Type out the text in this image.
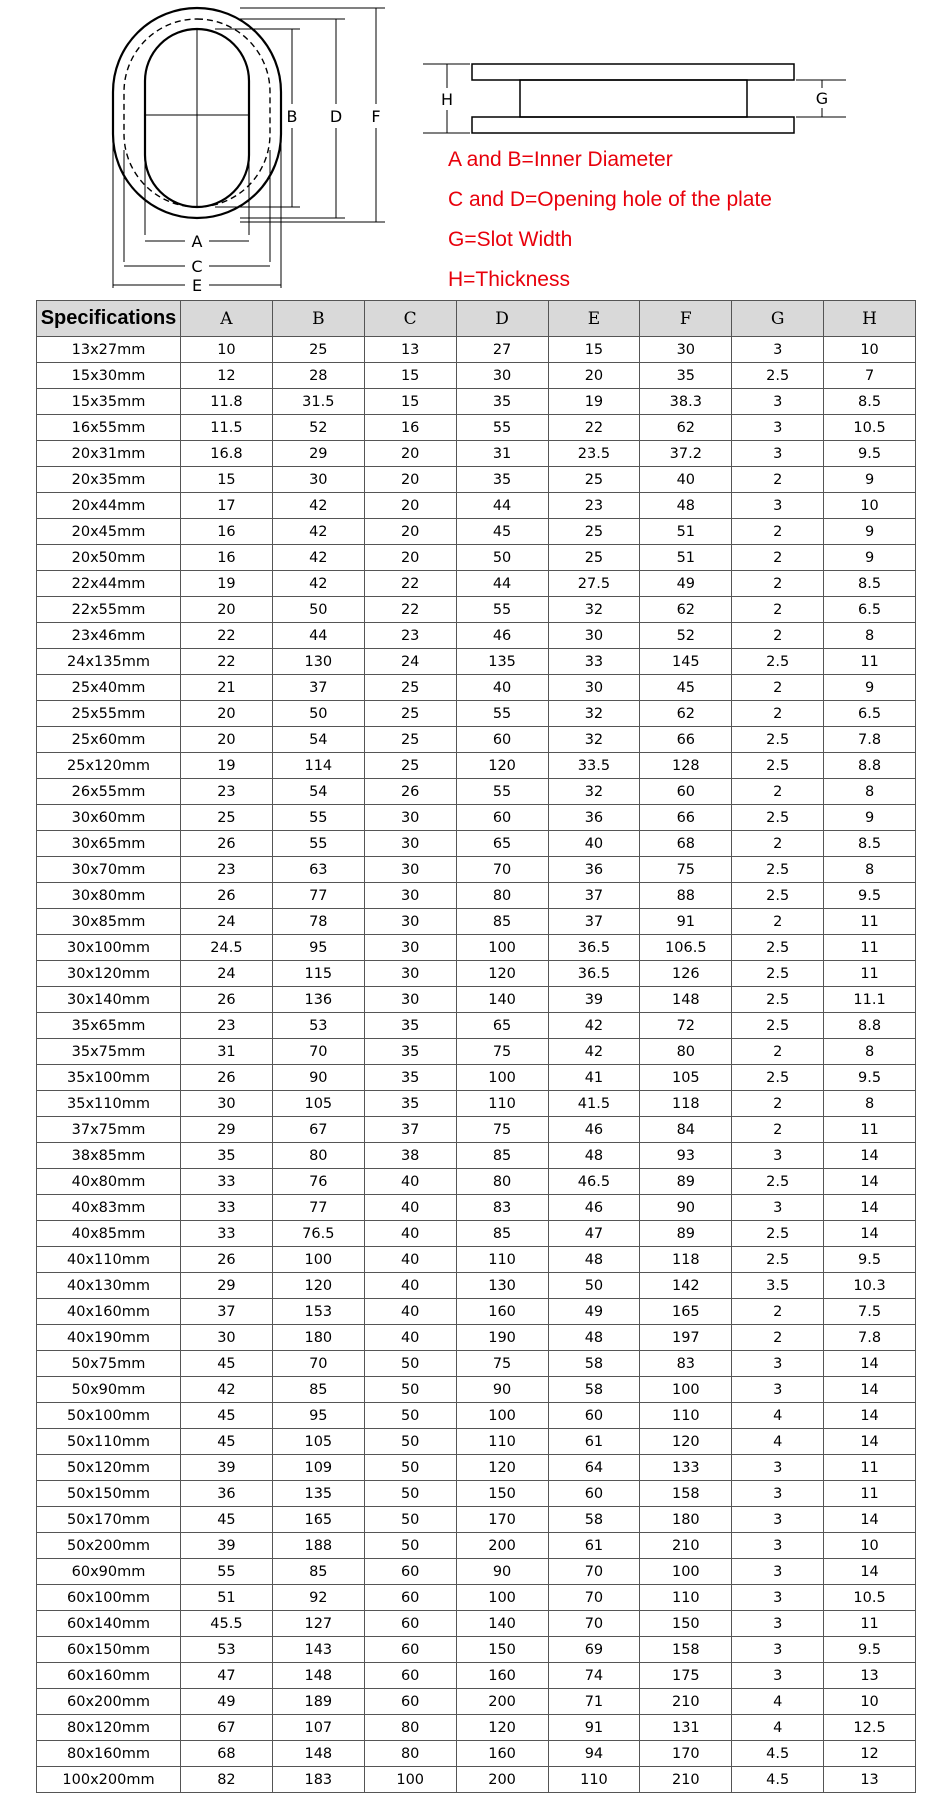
A
C
E
B D F
H	G
A and B=Inner Diameter
C and D=Opening hole of the plate
G=Slot Width
H=Thickness
Specifications	A	B	C	D	E	F	G	H
13x27mm	10	25	13	27	15	30	3	10
15x30mm	12	28	15	30	20	35	2.5	7
15x35mm	11.8	31.5	15	35	19	38.3	3	8.5
16x55mm	11.5	52	16	55	22	62	3	10.5
20x31mm	16.8	29	20	31	23.5	37.2	3	9.5
20x35mm	15	30	20	35	25	40	2	9
20x44mm	17	42	20	44	23	48	3	10
20x45mm	16	42	20	45	25	51	2	9
20x50mm	16	42	20	50	25	51	2	9
22x44mm	19	42	22	44	27.5	49	2	8.5
22x55mm	20	50	22	55	32	62	2	6.5
23x46mm	22	44	23	46	30	52	2	8
24x135mm	22	130	24	135	33	145	2.5	11
25x40mm	21	37	25	40	30	45	2	9
25x55mm	20	50	25	55	32	62	2	6.5
25x60mm	20	54	25	60	32	66	2.5	7.8
25x120mm	19	114	25	120	33.5	128	2.5	8.8
26x55mm	23	54	26	55	32	60	2	8
30x60mm	25	55	30	60	36	66	2.5	9
30x65mm	26	55	30	65	40	68	2	8.5
30x70mm	23	63	30	70	36	75	2.5	8
30x80mm	26	77	30	80	37	88	2.5	9.5
30x85mm	24	78	30	85	37	91	2	11
30x100mm	24.5	95	30	100	36.5	106.5	2.5	11
30x120mm	24	115	30	120	36.5	126	2.5	11
30x140mm	26	136	30	140	39	148	2.5	11.1
35x65mm	23	53	35	65	42	72	2.5	8.8
35x75mm	31	70	35	75	42	80	2	8
35x100mm	26	90	35	100	41	105	2.5	9.5
35x110mm	30	105	35	110	41.5	118	2	8
37x75mm	29	67	37	75	46	84	2	11
38x85mm	35	80	38	85	48	93	3	14
40x80mm	33	76	40	80	46.5	89	2.5	14
40x83mm	33	77	40	83	46	90	3	14
40x85mm	33	76.5	40	85	47	89	2.5	14
40x110mm	26	100	40	110	48	118	2.5	9.5
40x130mm	29	120	40	130	50	142	3.5	10.3
40x160mm	37	153	40	160	49	165	2	7.5
40x190mm	30	180	40	190	48	197	2	7.8
50x75mm	45	70	50	75	58	83	3	14
50x90mm	42	85	50	90	58	100	3	14
50x100mm	45	95	50	100	60	110	4	14
50x110mm	45	105	50	110	61	120	4	14
50x120mm	39	109	50	120	64	133	3	11
50x150mm	36	135	50	150	60	158	3	11
50x170mm	45	165	50	170	58	180	3	14
50x200mm	39	188	50	200	61	210	3	10
60x90mm	55	85	60	90	70	100	3	14
60x100mm	51	92	60	100	70	110	3	10.5
60x140mm	45.5	127	60	140	70	150	3	11
60x150mm	53	143	60	150	69	158	3	9.5
60x160mm	47	148	60	160	74	175	3	13
60x200mm	49	189	60	200	71	210	4	10
80x120mm	67	107	80	120	91	131	4	12.5
80x160mm	68	148	80	160	94	170	4.5	12
100x200mm	82	183	100	200	110	210	4.5	13
